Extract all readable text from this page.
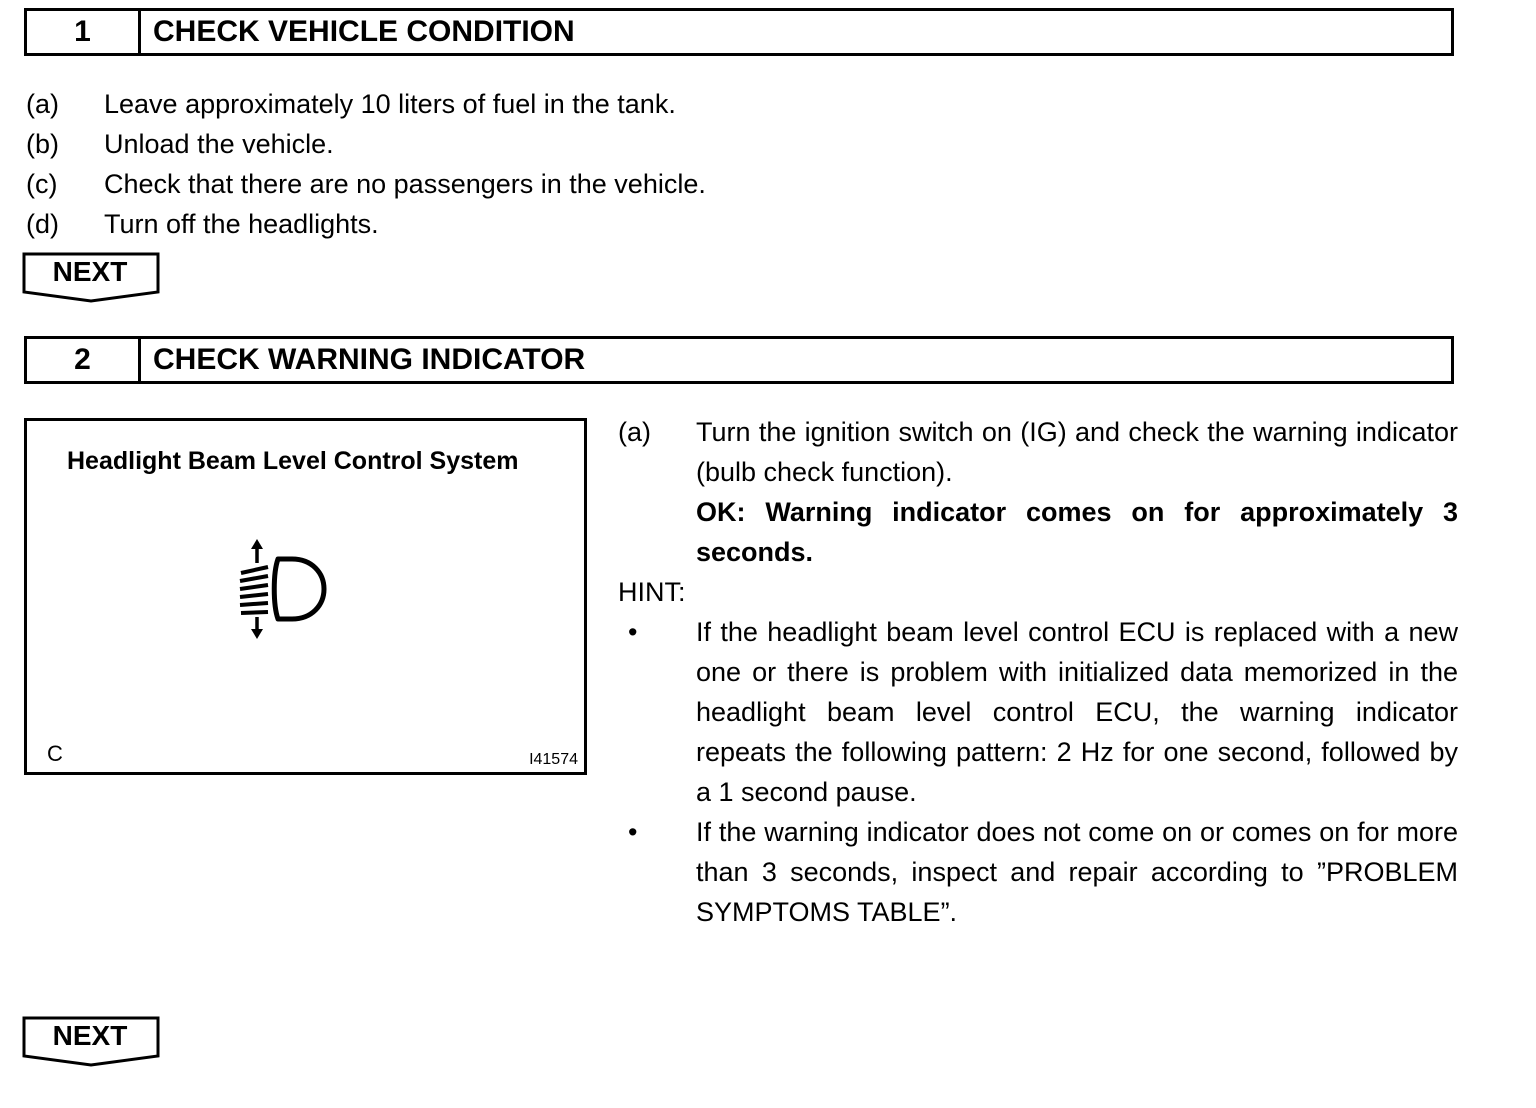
1	CHECK VEHICLE CONDITION
(a)	Leave approximately 10 liters of fuel in the tank.
(b)	Unload the vehicle.
(c)	Check that there are no passengers in the vehicle.
(d)	Turn off the headlights.
NEXT
2	CHECK WARNING INDICATOR
Headlight Beam Level Control System
C	I41574
(a)	Turn the ignition switch on (IG) and check the warning indicator (bulb check function).
OK: Warning indicator comes on for approximately 3 seconds.
HINT:
•	If the headlight beam level control ECU is replaced with a new one or there is problem with initialized data memorized in the headlight beam level control ECU, the warning indicator repeats the following pattern: 2 Hz for one second, followed by a 1 second pause.
•	If the warning indicator does not come on or comes on for more than 3 seconds, inspect and repair according to ”PROBLEM SYMPTOMS TABLE”.
NEXT
